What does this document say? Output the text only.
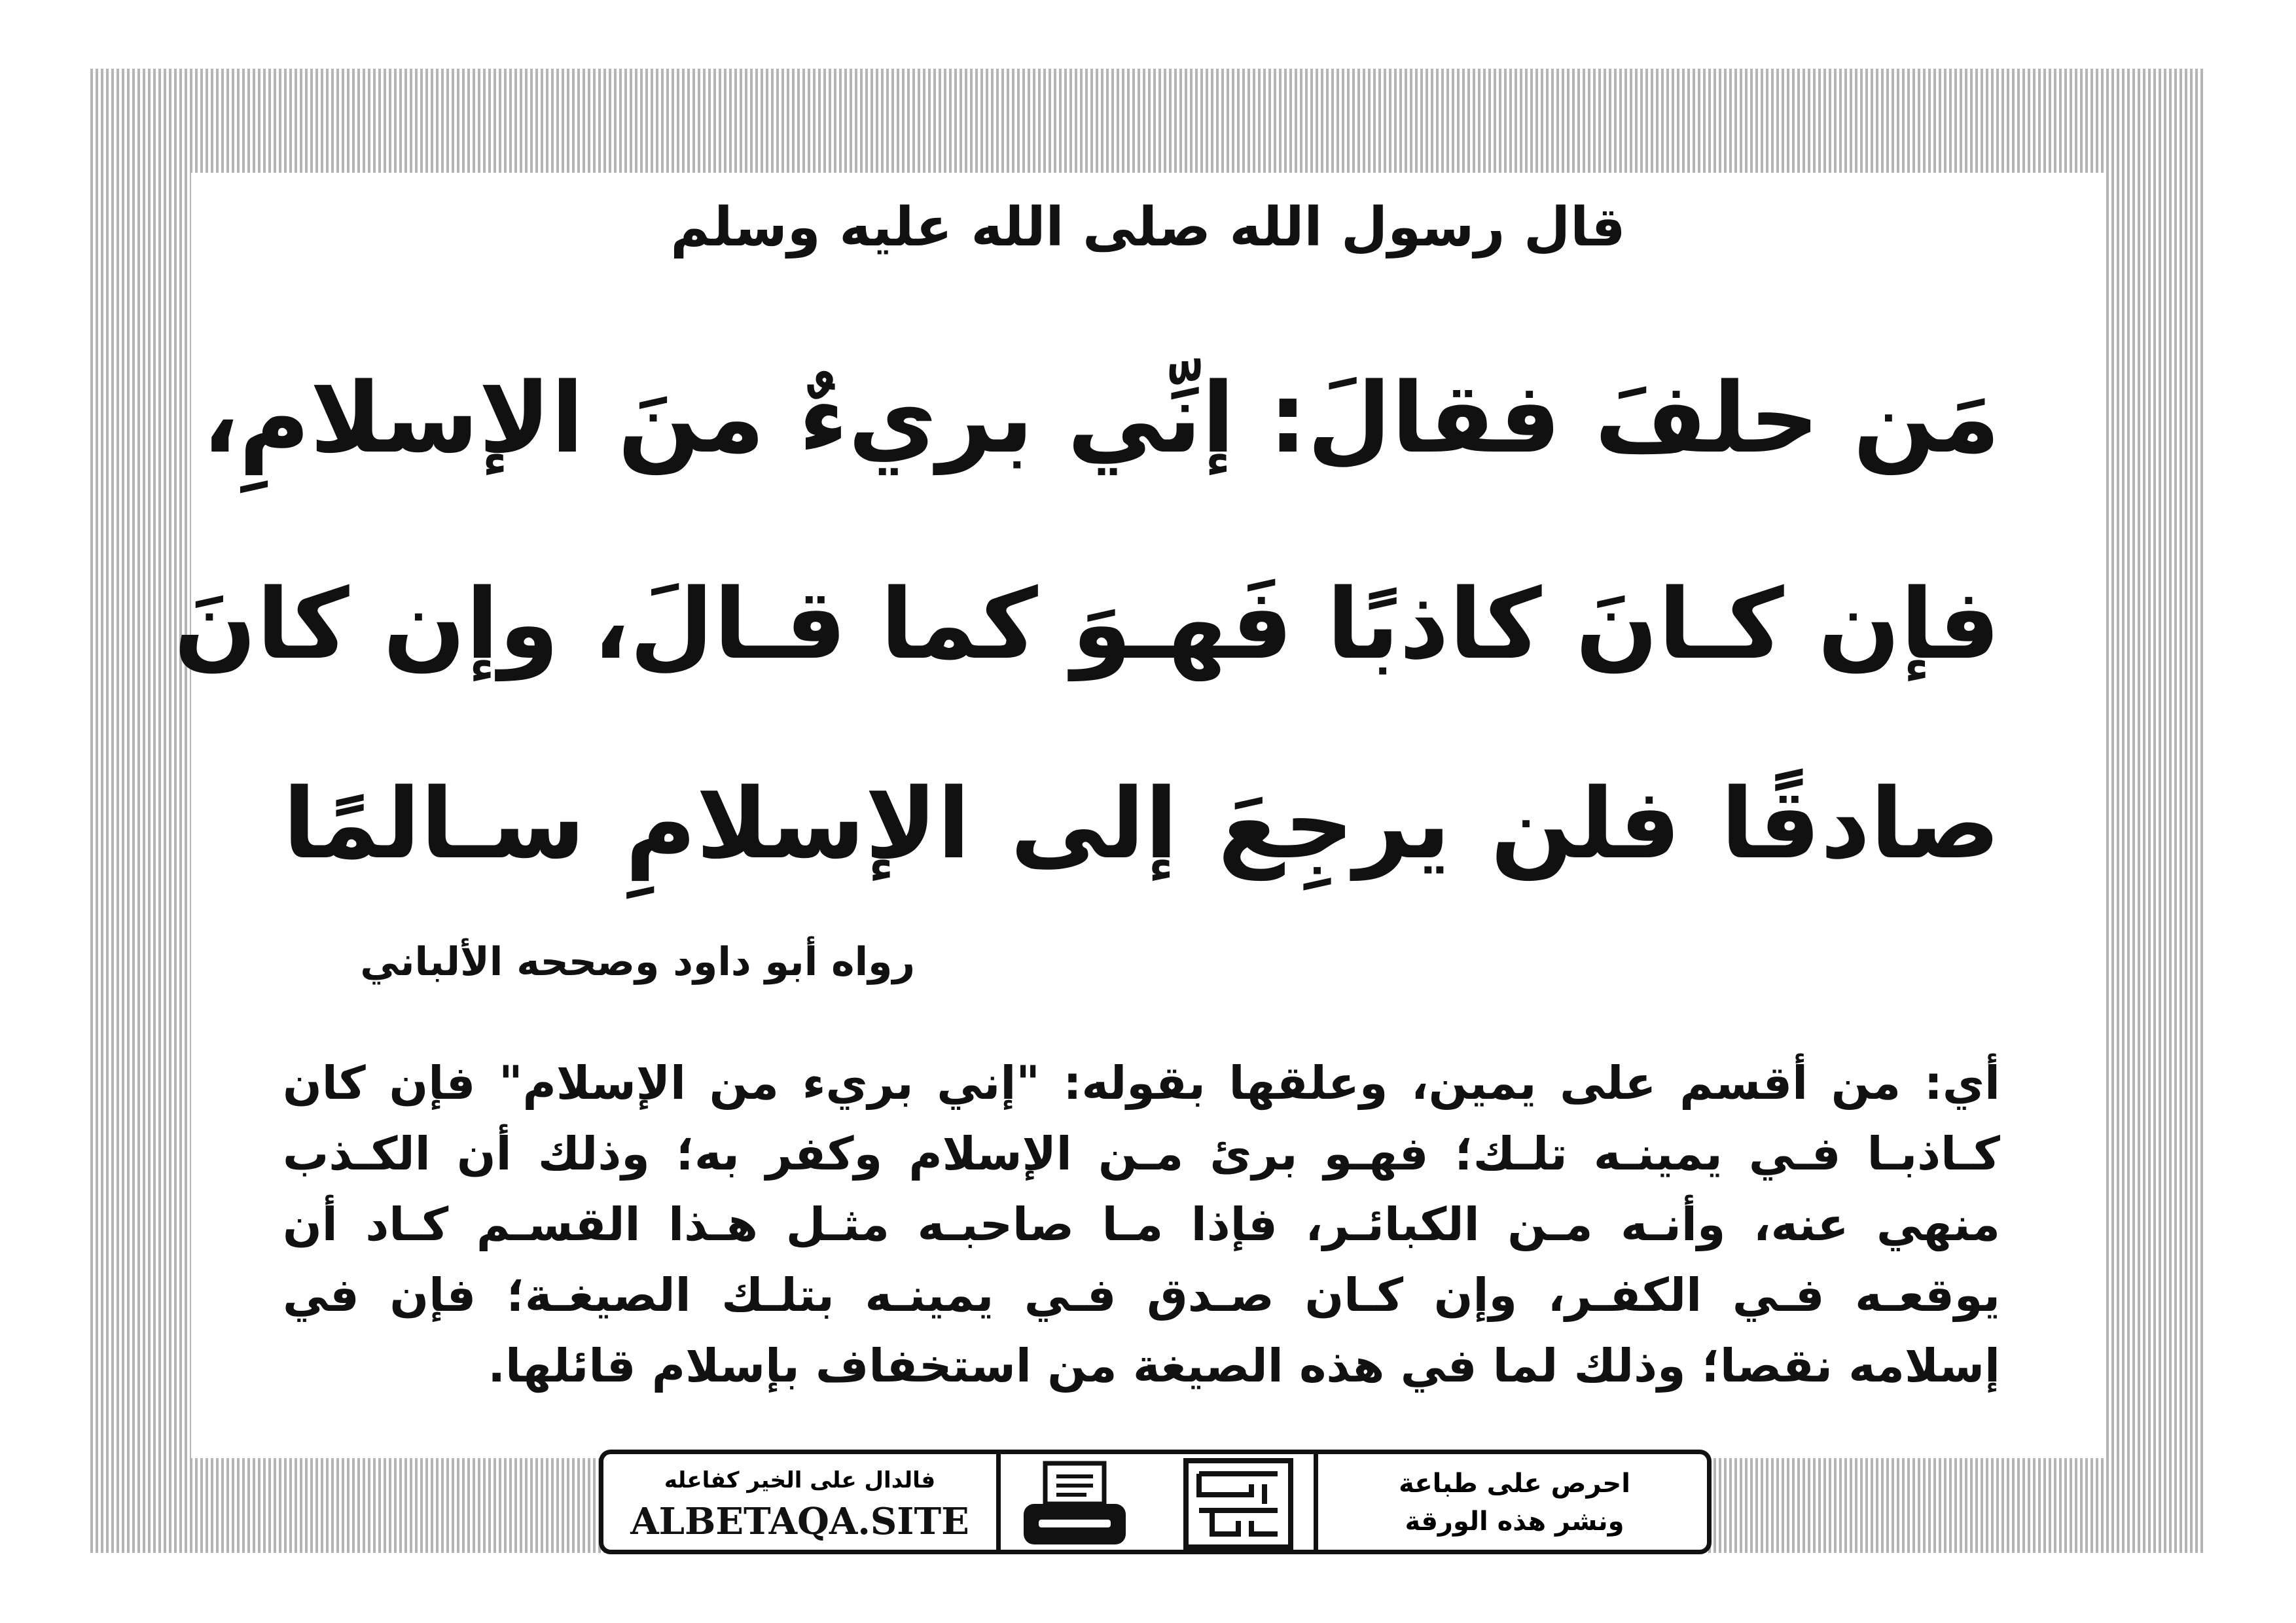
قال رسول الله صلى الله عليه وسلم
مَن حلفَ فقالَ: إنِّي بريءٌ منَ الإسلامِ،
فإن كـانَ كاذبًا فَهـوَ كما قـالَ، وإن كانَ
صادقًا فلن يرجِعَ إلى الإسلامِ سـالمًا
رواه أبو داود وصححه الألباني
أي: من أقسم على يمين، وعلقها بقوله: "إني بريء من الإسلام" فإن كان
كـاذبـا فـي يمينـه تلـك؛ فهـو برئ مـن الإسلام وكفر به؛ وذلك أن الكـذب
منهي عنه، وأنـه مـن الكبائـر، فإذا مـا صاحبـه مثـل هـذا القسـم كـاد أن
يوقعـه فـي الكفـر، وإن كـان صـدق فـي يمينـه بتلـك الصيغـة؛ فإن في
إسلامه نقصا؛ وذلك لما في هذه الصيغة من استخفاف بإسلام قائلها.
فالدال على الخير كفاعله
ALBETAQA.SITE
احرص على طباعة
ونشر هذه الورقة
